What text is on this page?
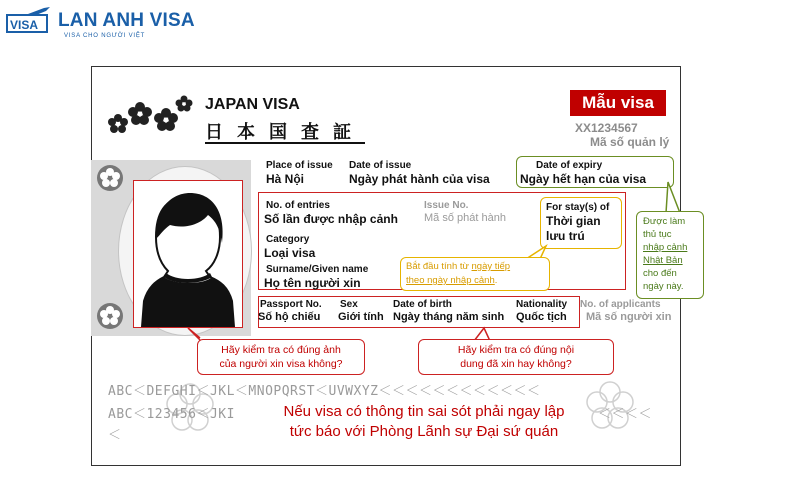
VISA LAN ANH VISA
VISA CHO NGƯỜI VIỆT
JAPAN VISA
日本国査証
Mẫu visa
XX1234567
Mã số quản lý
Place of issue
Hà Nội
Date of issue
Ngày phát hành của visa
Date of expiry
Ngày hết hạn của visa
No. of entries
Số lần được nhập cảnh
Issue No.
Mã số phát hành
For stay(s) of
Thời gian
lưu trú
Category
Loại visa
Surname/Given name
Họ tên người xin
Bắt đầu tính từ ngày tiếp
theo ngày nhập cảnh.
Được làm
thủ tục
nhập cảnh
Nhật Bản
cho đến
ngày này.
Passport No.
Số hộ chiếu
Sex
Giới tính
Date of birth
Ngày tháng năm sinh
Nationality
Quốc tịch
No. of applicants
Mã số người xin
Hãy kiểm tra có đúng ảnh
của người xin visa không?
Hãy kiểm tra có đúng nội
dung đã xin hay không?
ABC＜DEFGHI＜JKL＜MNOPQRST＜UVWXYZ＜＜＜＜＜＜＜＜＜＜＜＜
ABC＜123456＜JKI	＜＜＜＜
＜
Nếu visa có thông tin sai sót phải ngay lập
tức báo với Phòng Lãnh sự Đại sứ quán
